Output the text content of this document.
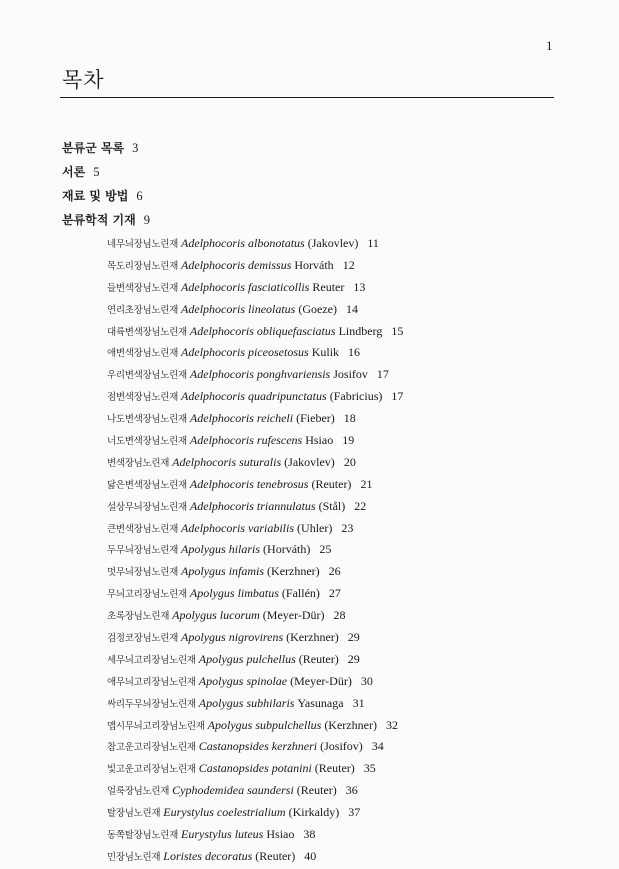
1
목차
분류군 목록 3
서론 5
재료 및 방법 6
분류학적 기재 9
네무늬장님노린재 Adelphocoris albonotatus (Jakovlev) 11
목도리장님노린재 Adelphocoris demissus Horváth 12
들변색장님노린재 Adelphocoris fasciaticollis Reuter 13
연리초장님노린재 Adelphocoris lineolatus (Goeze) 14
대륙변색장님노린재 Adelphocoris obliquefasciatus Lindberg 15
애변색장님노린재 Adelphocoris piceosetosus Kulik 16
우리변색장님노린재 Adelphocoris ponghvariensis Josifov 17
점변색장님노린재 Adelphocoris quadripunctatus (Fabricius) 17
나도변색장님노린재 Adelphocoris reicheli (Fieber) 18
너도변색장님노린재 Adelphocoris rufescens Hsiao 19
변색장님노린재 Adelphocoris suturalis (Jakovlev) 20
닮은변색장님노린재 Adelphocoris tenebrosus (Reuter) 21
설상무늬장님노린재 Adelphocoris triannulatus (Stål) 22
큰변색장님노린재 Adelphocoris variabilis (Uhler) 23
두무늬장님노린재 Apolygus hilaris (Horváth) 25
멋무늬장님노린재 Apolygus infamis (Kerzhner) 26
무늬고리장님노린재 Apolygus limbatus (Fallén) 27
초록장님노린재 Apolygus lucorum (Meyer-Dür) 28
검정코장님노린재 Apolygus nigrovirens (Kerzhner) 29
세무늬고리장님노린재 Apolygus pulchellus (Reuter) 29
애무늬고리장님노린재 Apolygus spinolae (Meyer-Dür) 30
싸리두무늬장님노린재 Apolygus subhilaris Yasunaga 31
맵시무늬고리장님노린재 Apolygus subpulchellus (Kerzhner) 32
참고운고리장님노린재 Castanopsides kerzhneri (Josifov) 34
빛고운고리장님노린재 Castanopsides potanini (Reuter) 35
얼룩장님노린재 Cyphodemidea saundersi (Reuter) 36
탈장님노린재 Eurystylus coelestrialium (Kirkaldy) 37
동쪽탈장님노린재 Eurystylus luteus Hsiao 38
민장님노린재 Loristes decoratus (Reuter) 40
